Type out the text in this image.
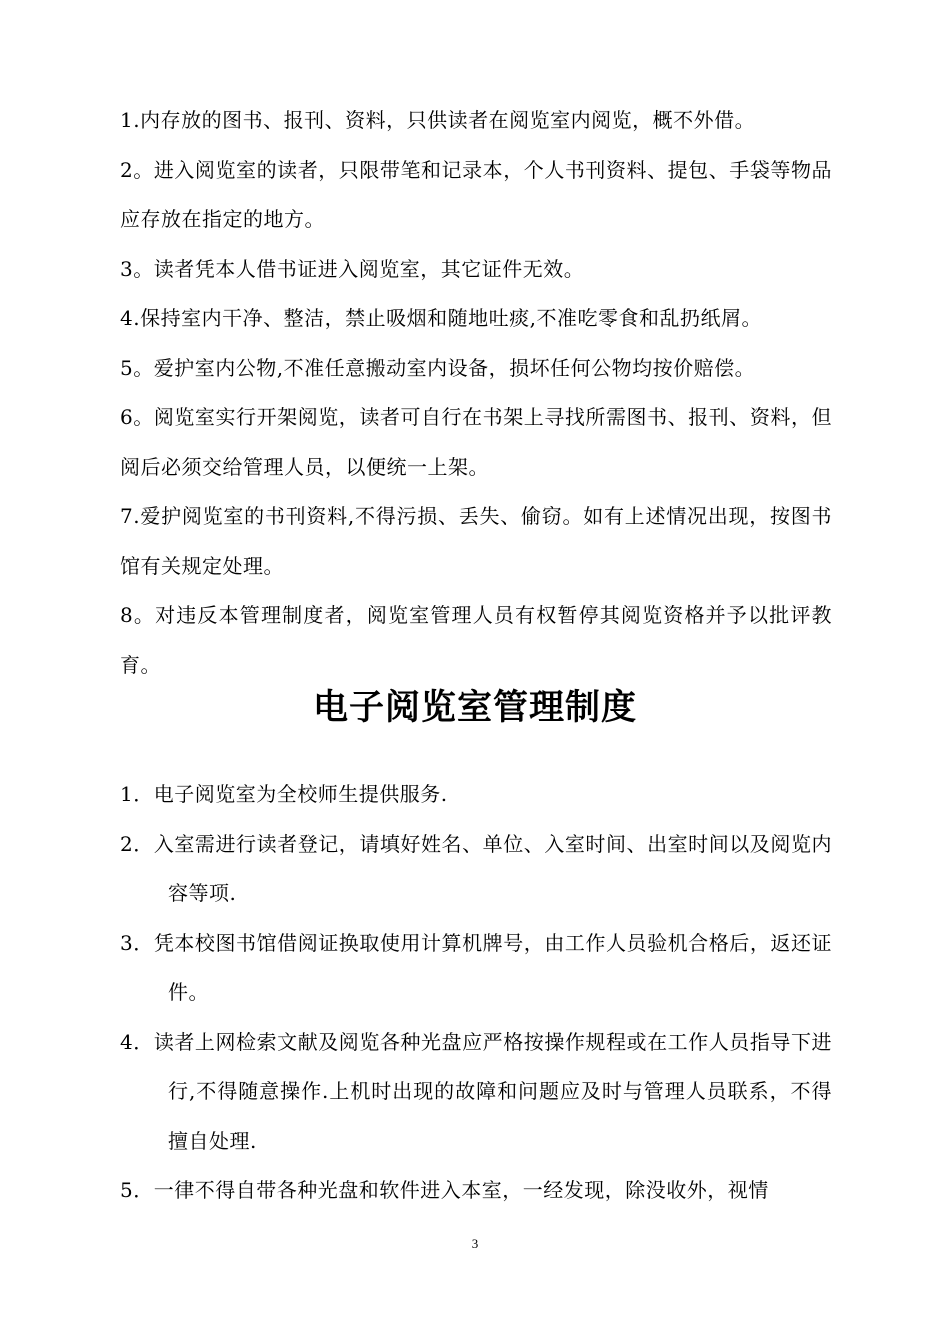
1.内存放的图书、报刊、资料，只供读者在阅览室内阅览，概不外借。

2。进入阅览室的读者，只限带笔和记录本，个人书刊资料、提包、手袋等物品应存放在指定的地方。

3。读者凭本人借书证进入阅览室，其它证件无效。

4.保持室内干净、整洁，禁止吸烟和随地吐痰,不准吃零食和乱扔纸屑。

5。爱护室内公物,不准任意搬动室内设备，损坏任何公物均按价赔偿。

6。阅览室实行开架阅览，读者可自行在书架上寻找所需图书、报刊、资料，但阅后必须交给管理人员，以便统一上架。

7.爱护阅览室的书刊资料,不得污损、丢失、偷窃。如有上述情况出现，按图书馆有关规定处理。

8。对违反本管理制度者，阅览室管理人员有权暂停其阅览资格并予以批评教育。

电子阅览室管理制度

1．电子阅览室为全校师生提供服务.

2．入室需进行读者登记，请填好姓名、单位、入室时间、出室时间以及阅览内容等项.

3．凭本校图书馆借阅证换取使用计算机牌号，由工作人员验机合格后，返还证件。

4．读者上网检索文献及阅览各种光盘应严格按操作规程或在工作人员指导下进行,不得随意操作.上机时出现的故障和问题应及时与管理人员联系，不得擅自处理.

5．一律不得自带各种光盘和软件进入本室，一经发现，除没收外，视情

3
